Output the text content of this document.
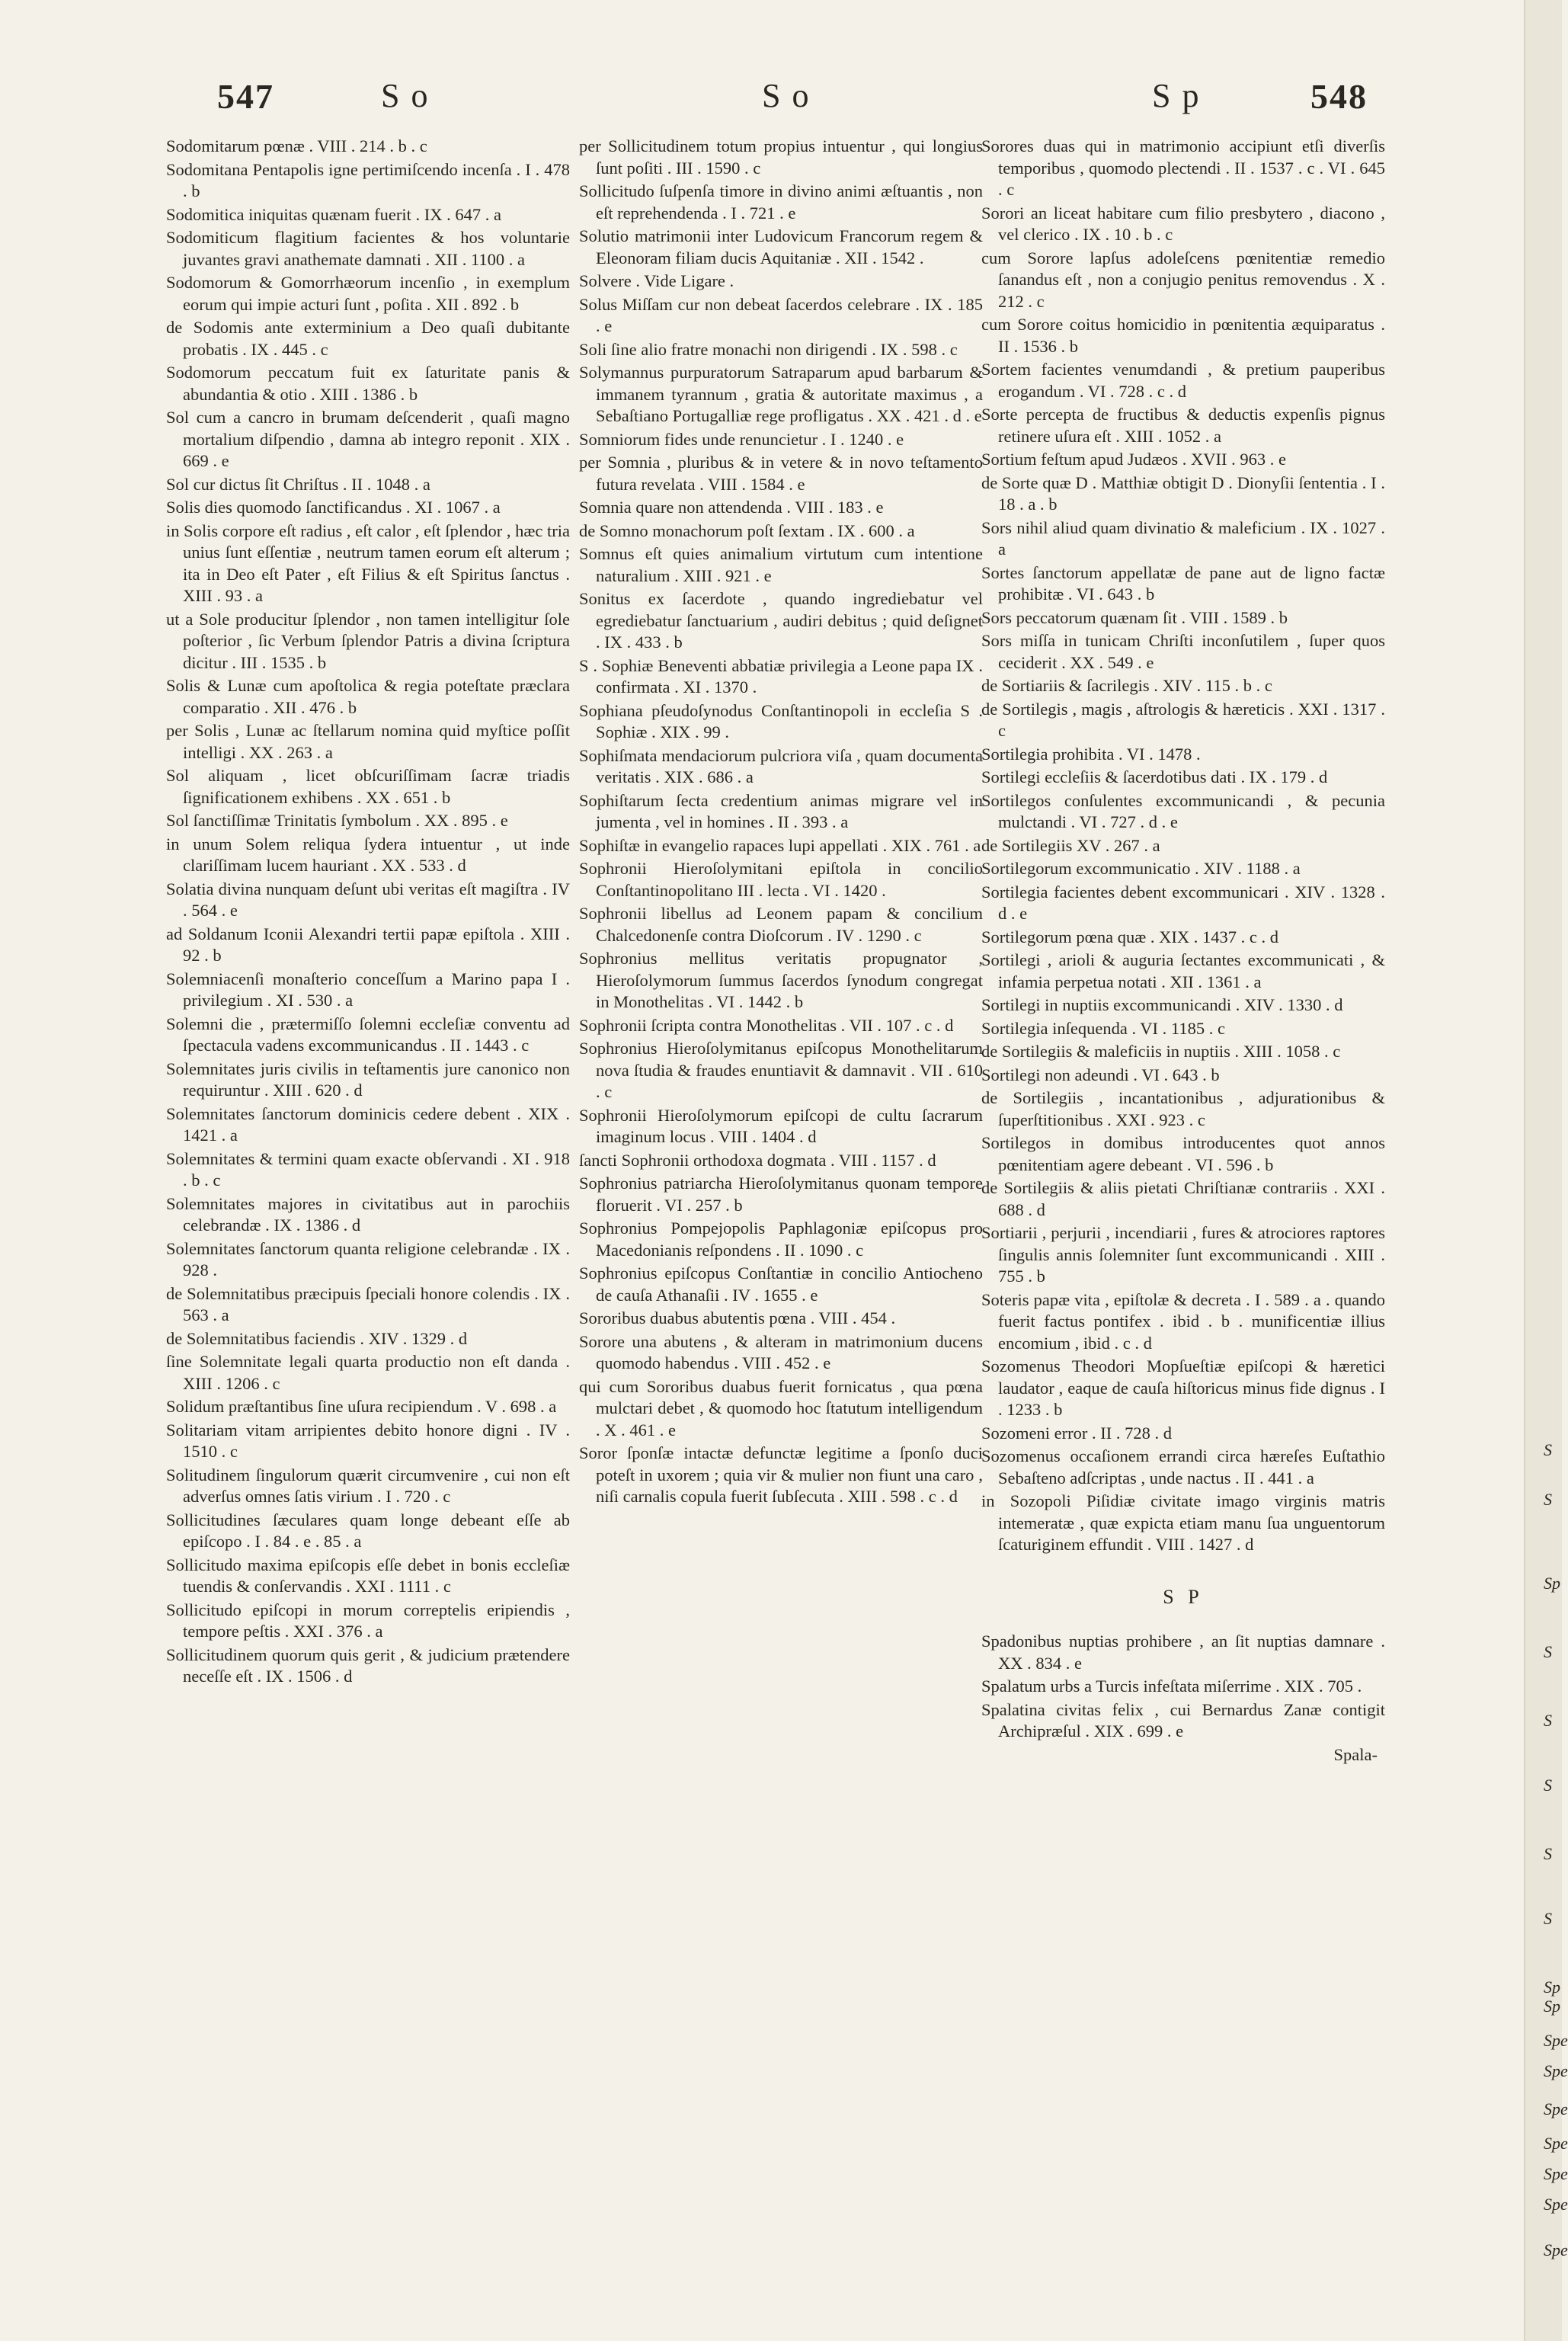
547	S o	S o	S p	548
Sodomitarum pœnæ . VIII . 214 . b . c
Sodomitana Pentapolis igne pertimiſcendo incenſa . I . 478 . b
Sodomitica iniquitas quænam fuerit . IX . 647 . a
Sodomiticum flagitium facientes & hos voluntarie juvantes gravi anathemate damnati . XII . 1100 . a
Sodomorum & Gomorrhæorum incenſio , in exemplum eorum qui impie acturi ſunt , poſita . XII . 892 . b
de Sodomis ante exterminium a Deo quaſi dubitante probatis . IX . 445 . c
Sodomorum peccatum fuit ex ſaturitate panis & abundantia & otio . XIII . 1386 . b
Sol cum a cancro in brumam deſcenderit , quaſi magno mortalium diſpendio , damna ab integro reponit . XIX . 669 . e
Sol cur dictus ſit Chriſtus . II . 1048 . a
Solis dies quomodo ſanctificandus . XI . 1067 . a
in Solis corpore eſt radius , eſt calor , eſt ſplendor , hæc tria unius ſunt eſſentiæ , neutrum tamen eorum eſt alterum ; ita in Deo eſt Pater , eſt Filius & eſt Spiritus ſanctus . XIII . 93 . a
ut a Sole producitur ſplendor , non tamen intelligitur ſole poſterior , ſic Verbum ſplendor Patris a divina ſcriptura dicitur . III . 1535 . b
Solis & Lunæ cum apoſtolica & regia poteſtate præclara comparatio . XII . 476 . b
per Solis , Lunæ ac ſtellarum nomina quid myſtice poſſit intelligi . XX . 263 . a
Sol aliquam , licet obſcuriſſimam ſacræ triadis ſignificationem exhibens . XX . 651 . b
Sol ſanctiſſimæ Trinitatis ſymbolum . XX . 895 . e
in unum Solem reliqua ſydera intuentur , ut inde clariſſimam lucem hauriant . XX . 533 . d
Solatia divina nunquam deſunt ubi veritas eſt magiſtra . IV . 564 . e
ad Soldanum Iconii Alexandri tertii papæ epiſtola . XIII . 92 . b
Solemniacenſi monaſterio conceſſum a Marino papa I . privilegium . XI . 530 . a
Solemni die , prætermiſſo ſolemni eccleſiæ conventu ad ſpectacula vadens excommunicandus . II . 1443 . c
Solemnitates juris civilis in teſtamentis jure canonico non requiruntur . XIII . 620 . d
Solemnitates ſanctorum dominicis cedere debent . XIX . 1421 . a
Solemnitates & termini quam exacte obſervandi . XI . 918 . b . c
Solemnitates majores in civitatibus aut in parochiis celebrandæ . IX . 1386 . d
Solemnitates ſanctorum quanta religione celebrandæ . IX . 928 .
de Solemnitatibus præcipuis ſpeciali honore colendis . IX . 563 . a
de Solemnitatibus faciendis . XIV . 1329 . d
ſine Solemnitate legali quarta productio non eſt danda . XIII . 1206 . c
Solidum præſtantibus ſine uſura recipiendum . V . 698 . a
Solitariam vitam arripientes debito honore digni . IV . 1510 . c
Solitudinem ſingulorum quærit circumvenire , cui non eſt adverſus omnes ſatis virium . I . 720 . c
Sollicitudines ſæculares quam longe debeant eſſe ab epiſcopo . I . 84 . e . 85 . a
Sollicitudo maxima epiſcopis eſſe debet in bonis eccleſiæ tuendis & conſervandis . XXI . 1111 . c
Sollicitudo epiſcopi in morum correptelis eripiendis , tempore peſtis . XXI . 376 . a
Sollicitudinem quorum quis gerit , & judicium prætendere neceſſe eſt . IX . 1506 . d
per Sollicitudinem totum propius intuentur , qui longius ſunt poſiti . III . 1590 . c
Sollicitudo ſuſpenſa timore in divino animi æſtuantis , non eſt reprehendenda . I . 721 . e
Solutio matrimonii inter Ludovicum Francorum regem & Eleonoram filiam ducis Aquitaniæ . XII . 1542 .
Solvere . Vide Ligare .
Solus Miſſam cur non debeat ſacerdos celebrare . IX . 185 . e
Soli ſine alio fratre monachi non dirigendi . IX . 598 . c
Solymannus purpuratorum Satraparum apud barbarum & immanem tyrannum , gratia & autoritate maximus , a Sebaſtiano Portugalliæ rege profligatus . XX . 421 . d . e
Somniorum fides unde renuncietur . I . 1240 . e
per Somnia , pluribus & in vetere & in novo teſtamento futura revelata . VIII . 1584 . e
Somnia quare non attendenda . VIII . 183 . e
de Somno monachorum poſt ſextam . IX . 600 . a
Somnus eſt quies animalium virtutum cum intentione naturalium . XIII . 921 . e
Sonitus ex ſacerdote , quando ingrediebatur vel egrediebatur ſanctuarium , audiri debitus ; quid deſignet . IX . 433 . b
S . Sophiæ Beneventi abbatiæ privilegia a Leone papa IX . confirmata . XI . 1370 .
Sophiana pſeudoſynodus Conſtantinopoli in eccleſia S . Sophiæ . XIX . 99 .
Sophiſmata mendaciorum pulcriora viſa , quam documenta veritatis . XIX . 686 . a
Sophiſtarum ſecta credentium animas migrare vel in jumenta , vel in homines . II . 393 . a
Sophiſtæ in evangelio rapaces lupi appellati . XIX . 761 . a
Sophronii Hieroſolymitani epiſtola in concilio Conſtantinopolitano III . lecta . VI . 1420 .
Sophronii libellus ad Leonem papam & concilium Chalcedonenſe contra Dioſcorum . IV . 1290 . c
Sophronius mellitus veritatis propugnator , Hieroſolymorum ſummus ſacerdos ſynodum congregat in Monothelitas . VI . 1442 . b
Sophronii ſcripta contra Monothelitas . VII . 107 . c . d
Sophronius Hieroſolymitanus epiſcopus Monothelitarum nova ſtudia & fraudes enuntiavit & damnavit . VII . 610 . c
Sophronii Hieroſolymorum epiſcopi de cultu ſacrarum imaginum locus . VIII . 1404 . d
ſancti Sophronii orthodoxa dogmata . VIII . 1157 . d
Sophronius patriarcha Hieroſolymitanus quonam tempore floruerit . VI . 257 . b
Sophronius Pompejopolis Paphlagoniæ epiſcopus pro Macedonianis reſpondens . II . 1090 . c
Sophronius epiſcopus Conſtantiæ in concilio Antiocheno de cauſa Athanaſii . IV . 1655 . e
Sororibus duabus abutentis pœna . VIII . 454 .
Sorore una abutens , & alteram in matrimonium ducens quomodo habendus . VIII . 452 . e
qui cum Sororibus duabus fuerit fornicatus , qua pœna mulctari debet , & quomodo hoc ſtatutum intelligendum . X . 461 . e
Soror ſponſæ intactæ defunctæ legitime a ſponſo duci poteſt in uxorem ; quia vir & mulier non fiunt una caro , niſi carnalis copula fuerit ſubſecuta . XIII . 598 . c . d
Sorores duas qui in matrimonio accipiunt etſi diverſis temporibus , quomodo plectendi . II . 1537 . c . VI . 645 . c
Sorori an liceat habitare cum filio presbytero , diacono , vel clerico . IX . 10 . b . c
cum Sorore lapſus adoleſcens pœnitentiæ remedio ſanandus eſt , non a conjugio penitus removendus . X . 212 . c
cum Sorore coitus homicidio in pœnitentia æquiparatus . II . 1536 . b
Sortem facientes venumdandi , & pretium pauperibus erogandum . VI . 728 . c . d
Sorte percepta de fructibus & deductis expenſis pignus retinere uſura eſt . XIII . 1052 . a
Sortium feſtum apud Judæos . XVII . 963 . e
de Sorte quæ D . Matthiæ obtigit D . Dionyſii ſententia . I . 18 . a . b
Sors nihil aliud quam divinatio & maleficium . IX . 1027 . a
Sortes ſanctorum appellatæ de pane aut de ligno factæ prohibitæ . VI . 643 . b
Sors peccatorum quænam ſit . VIII . 1589 . b
Sors miſſa in tunicam Chriſti inconſutilem , ſuper quos ceciderit . XX . 549 . e
de Sortiariis & ſacrilegis . XIV . 115 . b . c
de Sortilegis , magis , aſtrologis & hæreticis . XXI . 1317 . c
Sortilegia prohibita . VI . 1478 .
Sortilegi eccleſiis & ſacerdotibus dati . IX . 179 . d
Sortilegos conſulentes excommunicandi , & pecunia mulctandi . VI . 727 . d . e
de Sortilegiis XV . 267 . a
Sortilegorum excommunicatio . XIV . 1188 . a
Sortilegia facientes debent excommunicari . XIV . 1328 . d . e
Sortilegorum pœna quæ . XIX . 1437 . c . d
Sortilegi , arioli & auguria ſectantes excommunicati , & infamia perpetua notati . XII . 1361 . a
Sortilegi in nuptiis excommunicandi . XIV . 1330 . d
Sortilegia inſequenda . VI . 1185 . c
de Sortilegiis & maleficiis in nuptiis . XIII . 1058 . c
Sortilegi non adeundi . VI . 643 . b
de Sortilegiis , incantationibus , adjurationibus & ſuperſtitionibus . XXI . 923 . c
Sortilegos in domibus introducentes quot annos pœnitentiam agere debeant . VI . 596 . b
de Sortilegiis & aliis pietati Chriſtianæ contrariis . XXI . 688 . d
Sortiarii , perjurii , incendiarii , fures & atrociores raptores ſingulis annis ſolemniter ſunt excommunicandi . XIII . 755 . b
Soteris papæ vita , epiſtolæ & decreta . I . 589 . a . quando fuerit factus pontifex . ibid . b . munificentiæ illius encomium , ibid . c . d
Sozomenus Theodori Mopſueſtiæ epiſcopi & hæretici laudator , eaque de cauſa hiſtoricus minus fide dignus . I . 1233 . b
Sozomeni error . II . 728 . d
Sozomenus occaſionem errandi circa hæreſes Euſtathio Sebaſteno adſcriptas , unde nactus . II . 441 . a
in Sozopoli Piſidiæ civitate imago virginis matris intemeratæ , quæ expicta etiam manu ſua unguentorum ſcaturiginem effundit . VIII . 1427 . d
S P
Spadonibus nuptias prohibere , an ſit nuptias damnare . XX . 834 . e
Spalatum urbs a Turcis infeſtata miſerrime . XIX . 705 .
Spalatina civitas felix , cui Bernardus Zanæ contigit Archipræſul . XIX . 699 . e
Spala-
S
S
Sp
S
S
S
S
S
Sp
Sp
Spe
Spe
Spe
Spe
Spe
Spe
Spe
